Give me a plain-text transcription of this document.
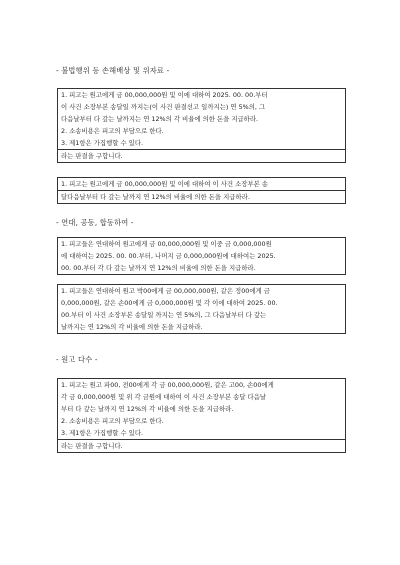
- 불법행위 등 손해배상 및 위자료 -
1. 피고는 원고에게 금 00,000,000원 및 이에 대하여 2025. 00. 00.부터
이 사건 소장부본 송달일 까지는(이 사건 판결선고 일까지는) 연 5%의, 그
다음날부터 다 갚는 날까지는 연 12%의 각 비율에 의한 돈을 지급하라.
2. 소송비용은 피고의 부담으로 한다.
3. 제1항은 가집행할 수 있다.
라는 판결을 구합니다.
1. 피고는 원고에게 금 00,000,000원 및 이에 대하여 이 사건 소장부본 송
달다음날부터 다 갚는 날까지 연 12%의 비율에 의한 돈을 지급하라.
- 연대, 공동, 합동하여 -
1. 피고들은 연대하여 원고에게 금 00,000,000원 및 이중 금 0,000,000원
에 대하여는 2025. 00. 00.부터, 나머지 금 0,000,000원에 대하여는 2025.
00. 00.부터 각 다 갚는 날까지 연 12%의 비율에 의한 돈을 지급하라.
1. 피고들은 연대하여 원고 박00에게 금 00,000,000원, 같은 정00에게 금
0,000,000원, 같은 손00에게 금 0,000,000원 및 각 이에 대하여 2025. 00.
00.부터 이 사건 소장부본 송달일 까지는 연 5%의, 그 다음날부터 다 갚는
날까지는 연 12%의 각 비율에 의한 돈을 지급하라.
- 원고 다수 -
1. 피고는 원고 파00, 전00에게 각 금 00,000,000원, 같은 고00, 손00에게
각 금 0,000,000원 및 위 각 금원에 대하여 이 사건 소장부본 송달 다음날
부터 다 갚는 날까지 연 12%의 각 비율에 의한 돈을 지급하라.
2. 소송비용은 피고의 부담으로 한다.
3. 제1항은 가집행할 수 있다.
라는 판결을 구합니다.
